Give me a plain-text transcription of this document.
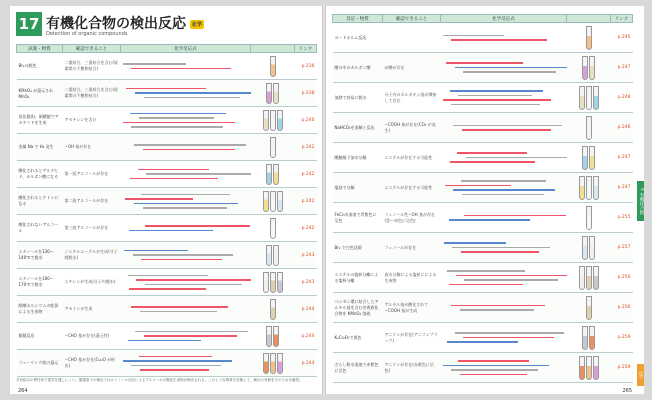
17 有機化合物の検出反応 化学
Detection of organic compounds
試薬・物質	確認できること	化学反応式		リンク
Br₂の脱色	二重結合、三重結合を含む(炭素間の不飽和結合)			p.236
KMnO₄ が還元されMnO₂	二重結合、三重結合を含む(炭素間の不飽和結合)			p.238
臭化銀(Ⅰ)、硝酸銀でアセチリドを生成	アセチレンを含む			p.240
金属 Na で H₂ 発生	−OH 基が存在			p.242
酸化されるとアルデヒド、カルボン酸になる	第一級アルコールが存在			p.242
酸化されるとケトンになる	第二級アルコールが存在			p.242
酸化されないアルコール	第三級アルコールが存在			p.242
エタノールを130〜140℃で脱水	ジエチルエーテルが生成(分子間脱水)			p.243
エタノールを160〜170℃で脱水	エチレンが生成(分子内脱水)			p.243
酢酸カルシウムの乾留による生成物	アセトンが生成			p.244
銀鏡反応	−CHO 基が存在(還元性)			p.244
フェーリング液の還元	−CHO 基が存在(Cu₂O が析出)			p.244
共有結合の異性体で電気を通しにくい。酸素原子の検出ではルミノール反応によるアルコールの酸化生成物が検出される。このような物質を変換して、検出の有無をそのためを確認。
264
反応・物質	確認できること	化学反応式		リンク
ヨードホルム反応				p.245
酸の中のカルボン酸	が酸が存在			p.247
加熱で容易に脱水	分子内のカルボキシ基が隣接して存在			p.248
NaHCO₃を溶解と反応	−COOH 基が存在(CO₂ が発生)			p.246
酸触媒下加水分解	エステルが存在する可能性			p.247
塩基で分解	エステルが存在する可能性			p.247
FeCl₃水溶液で青紫色に呈色	フェノール性−OH 基が存在(青〜赤色に呈色)			p.255
Br₂ で白色沈殿	フェノールが存在			p.257
エステルの塩析分離による塩析分離	高水分解による塩析にによる生成物			p.256
ベンゼン環に結合したアルキル基を含む芳香族化合物を KMnO₄ 溶液	アルキル基が酸化されて−COOH 基が生成			p.256
K₂Cr₂O₇で黒色	アニリンが存在(アニリンブラック)			p.259
さらし粉水溶液で赤紫色に呈色	アニリンが存在(赤紫色に呈色)			p.259
4 有機化合物
化学
265
